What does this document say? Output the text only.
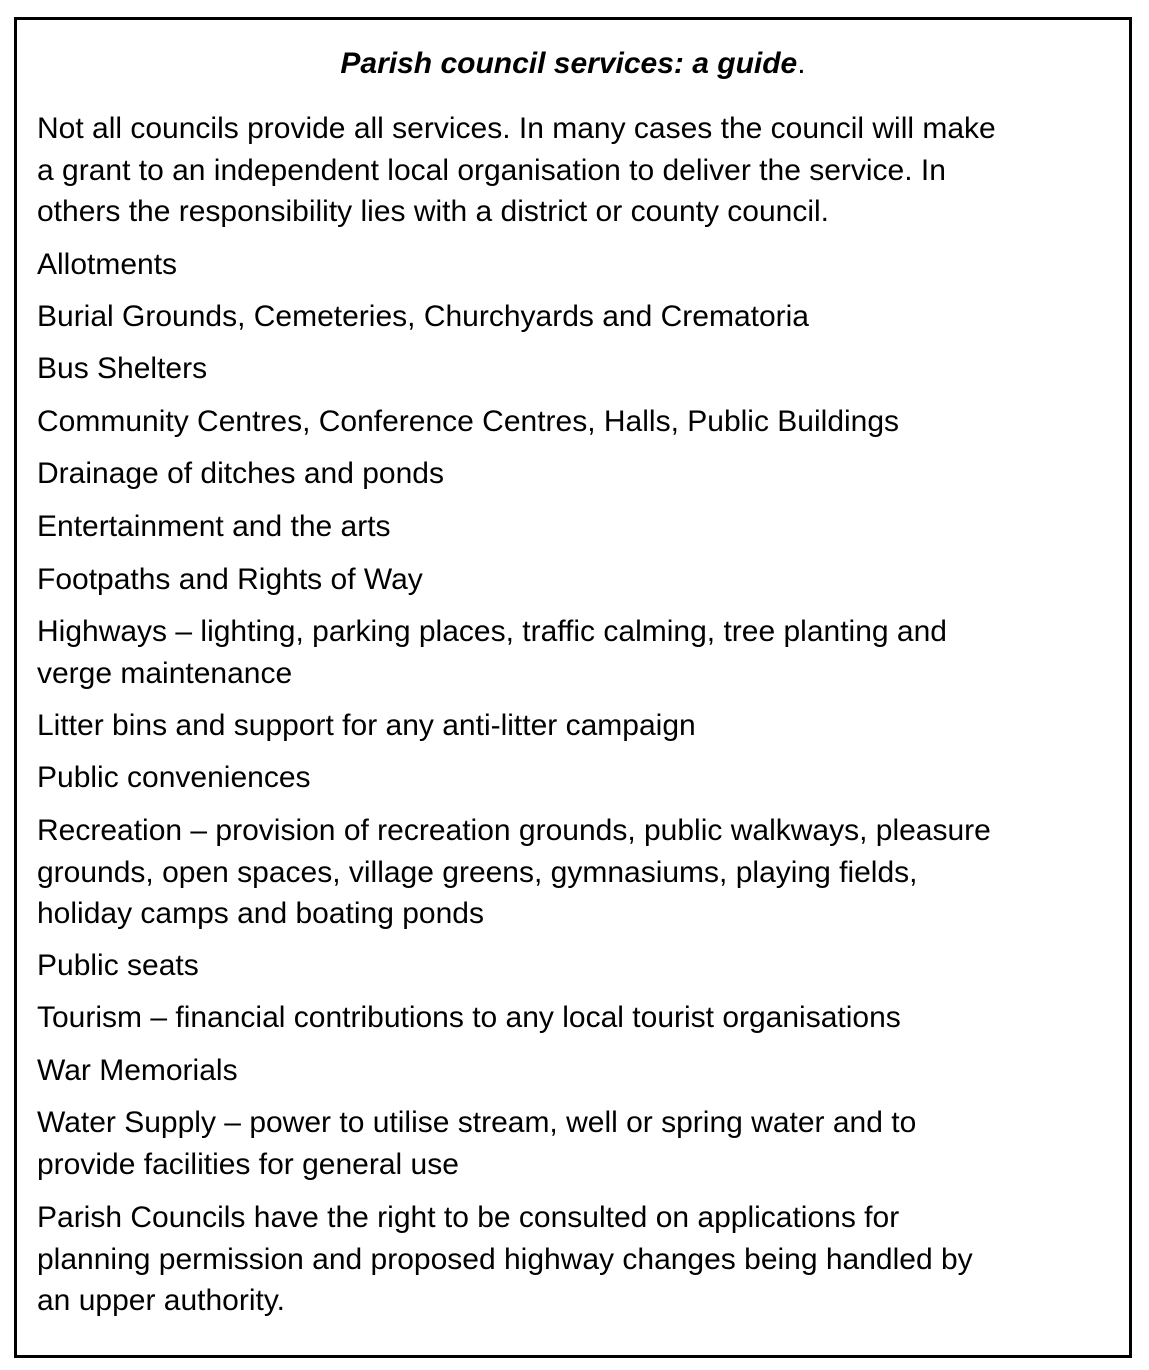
Parish council services: a guide.

Not all councils provide all services. In many cases the council will make
a grant to an independent local organisation to deliver the service. In
others the responsibility lies with a district or county council.

Allotments

Burial Grounds, Cemeteries, Churchyards and Crematoria

Bus Shelters

Community Centres, Conference Centres, Halls, Public Buildings

Drainage of ditches and ponds

Entertainment and the arts

Footpaths and Rights of Way

Highways – lighting, parking places, traffic calming, tree planting and
verge maintenance

Litter bins and support for any anti-litter campaign

Public conveniences

Recreation – provision of recreation grounds, public walkways, pleasure
grounds, open spaces, village greens, gymnasiums, playing fields,
holiday camps and boating ponds

Public seats

Tourism – financial contributions to any local tourist organisations

War Memorials

Water Supply – power to utilise stream, well or spring water and to
provide facilities for general use

Parish Councils have the right to be consulted on applications for
planning permission and proposed highway changes being handled by
an upper authority.
